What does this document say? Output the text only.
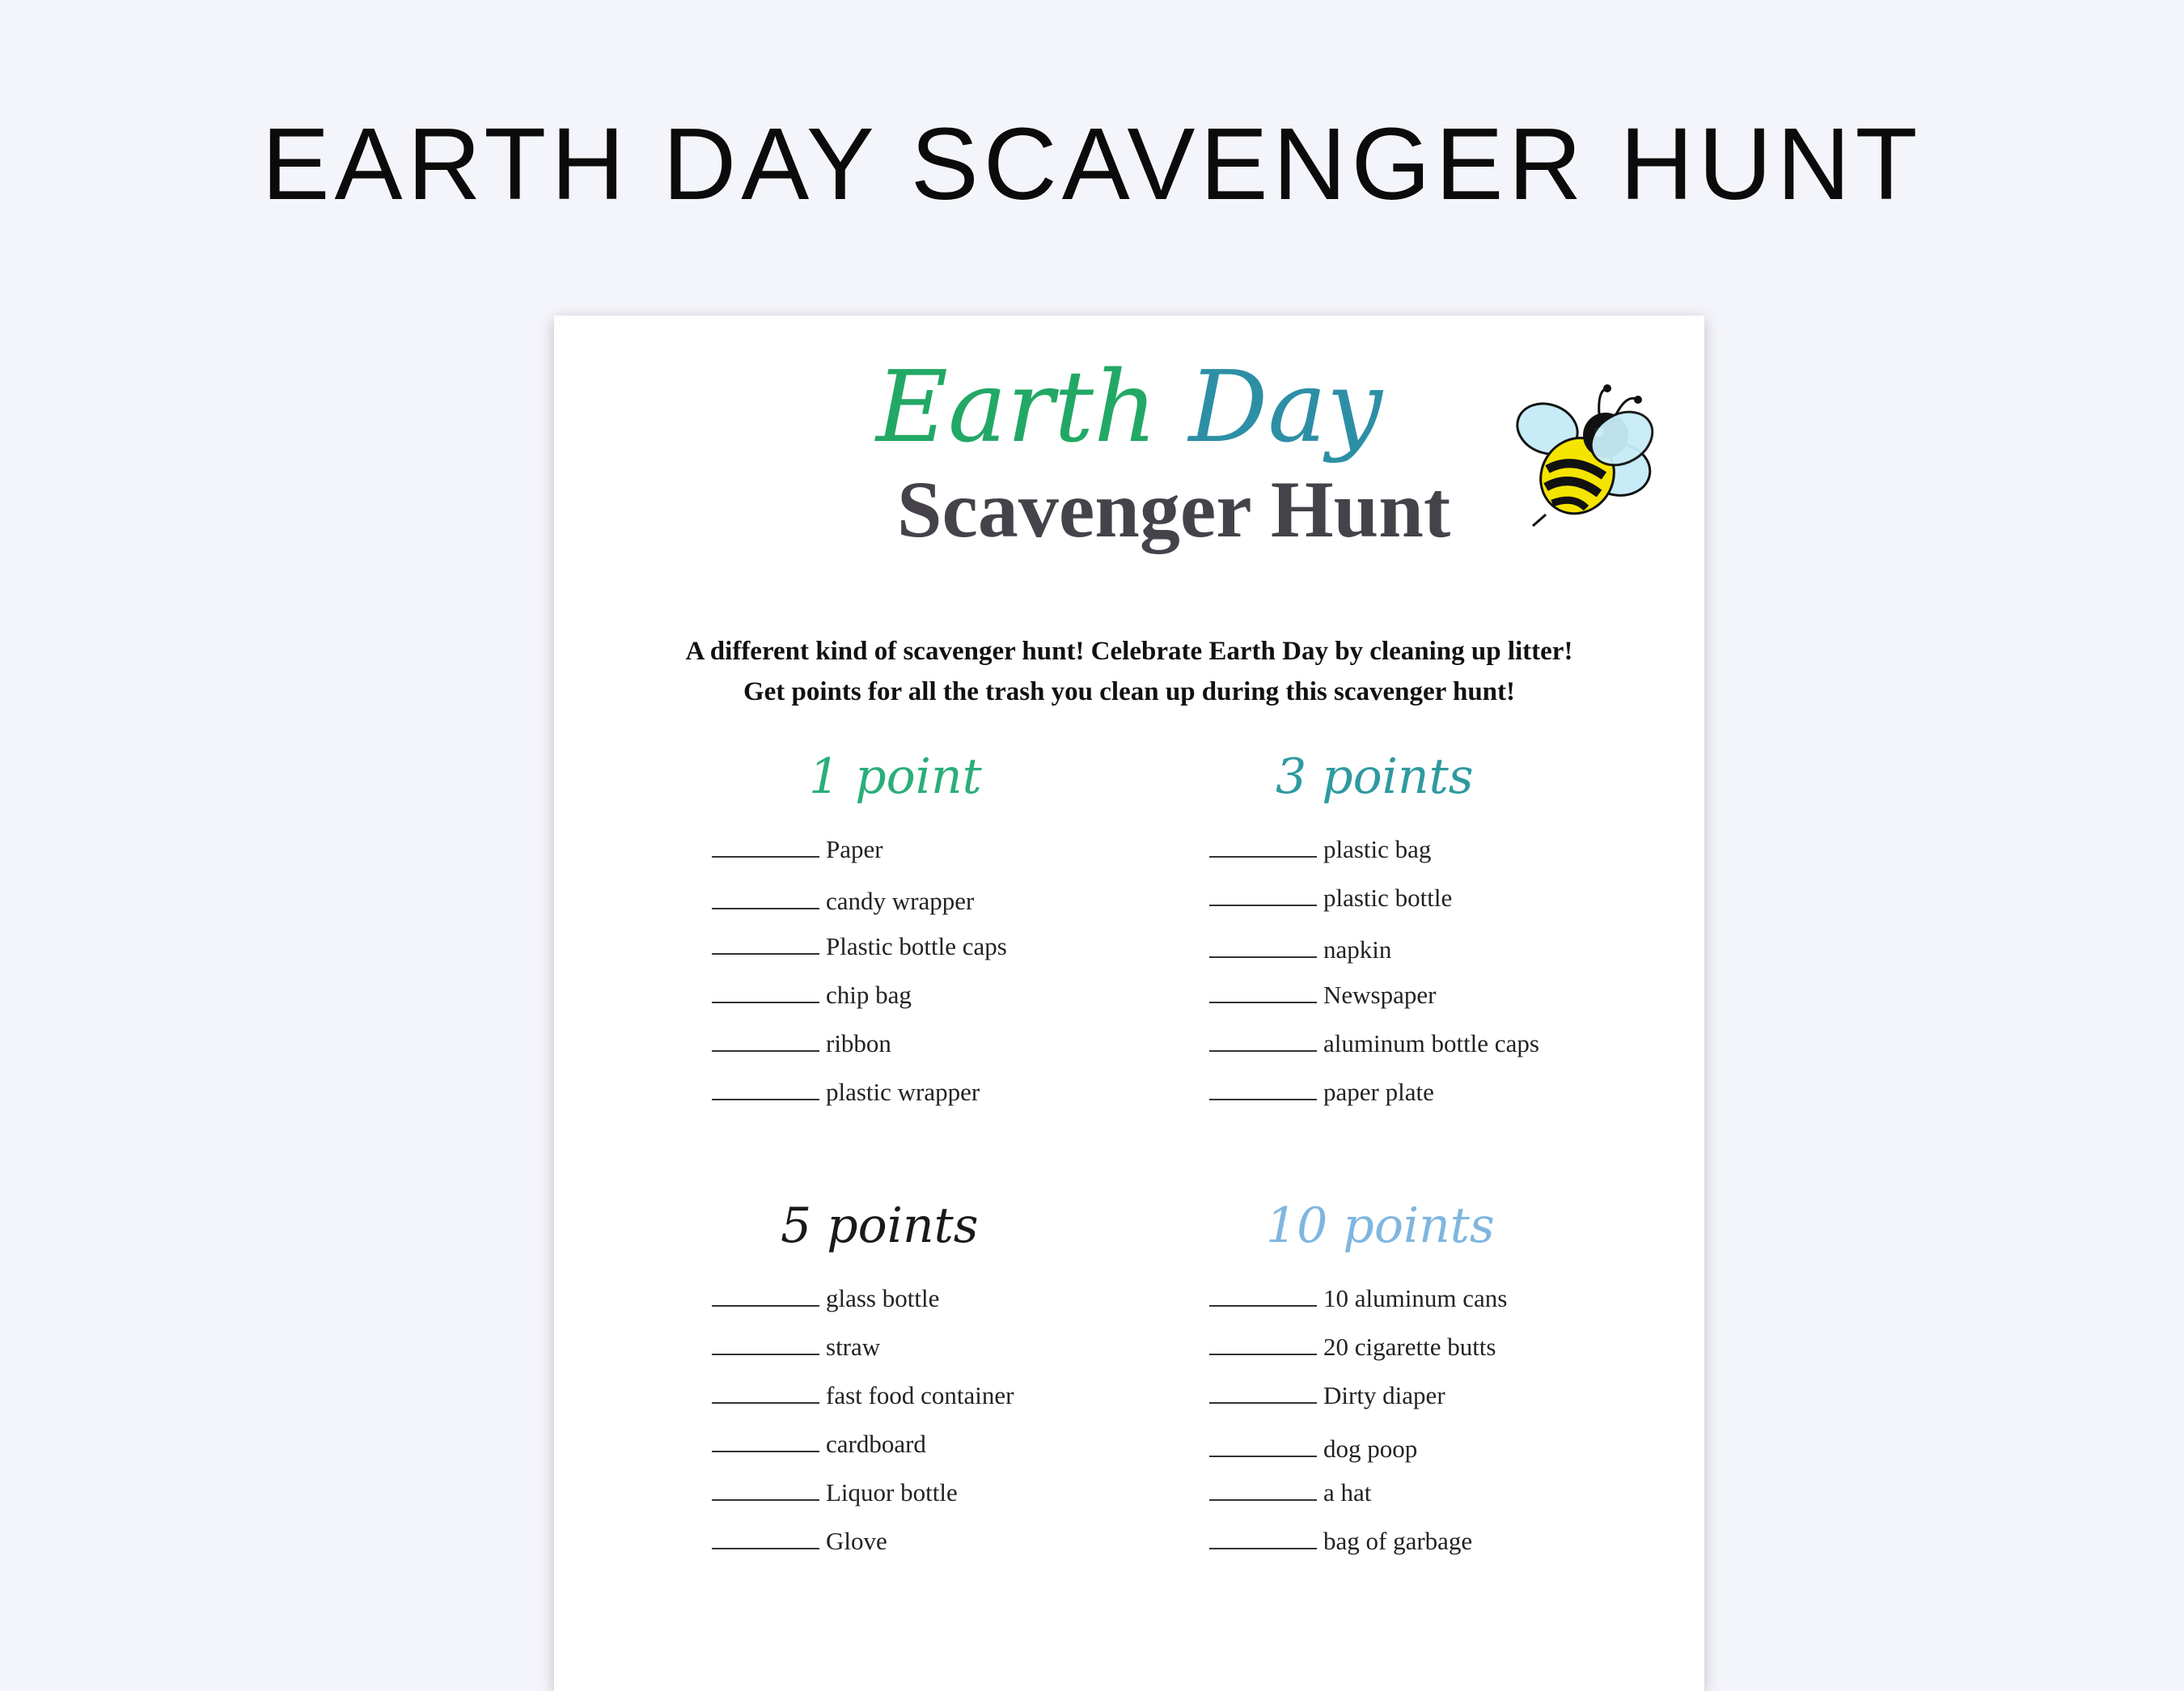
EARTH DAY SCAVENGER HUNT
Earth Day
Scavenger Hunt
A different kind of scavenger hunt! Celebrate Earth Day by cleaning up litter!
Get points for all the trash you clean up during this scavenger hunt!
1 point
Paper
candy wrapper
Plastic bottle caps
chip bag
ribbon
plastic wrapper
3 points
plastic bag
plastic bottle
napkin
Newspaper
aluminum bottle caps
paper plate
5 points
glass bottle
straw
fast food container
cardboard
Liquor bottle
Glove
10 points
10 aluminum cans
20 cigarette butts
Dirty diaper
dog poop
a hat
bag of garbage
